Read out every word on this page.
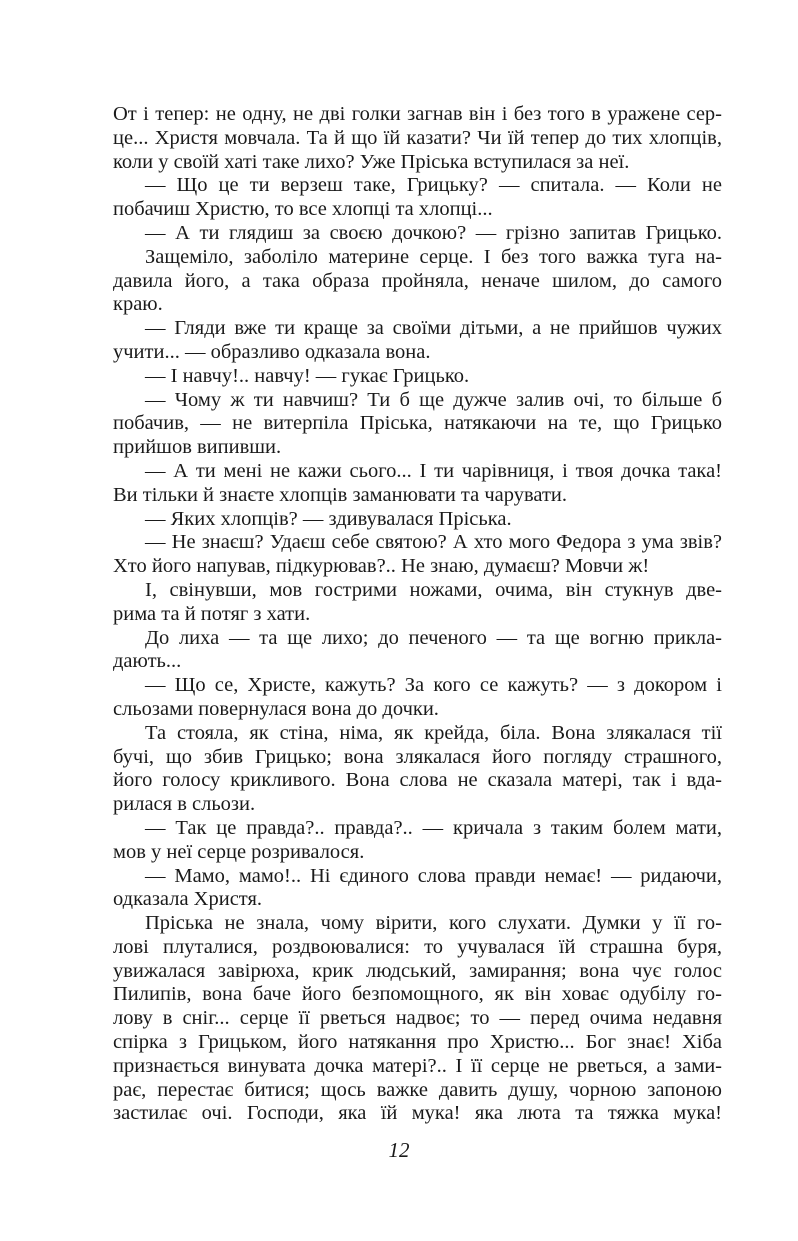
От і тепер: не одну, не дві голки загнав він і без того в уражене сер-
це... Христя мовчала. Та й що їй казати? Чи їй тепер до тих хлопців,
коли у своїй хаті таке лихо? Уже Пріська вступилася за неї.
— Що це ти верзеш таке, Грицьку? — спитала. — Коли не
побачиш Христю, то все хлопці та хлопці...
— А ти глядиш за своєю дочкою? — грізно запитав Грицько.
Защеміло, заболіло материне серце. І без того важка туга на-
давила його, а така образа пройняла, неначе шилом, до самого
краю.
— Гляди вже ти краще за своїми дітьми, а не прийшов чужих
учити... — образливо одказала вона.
— І навчу!.. навчу! — гукає Грицько.
— Чому ж ти навчиш? Ти б ще дужче залив очі, то більше б
побачив, — не витерпіла Пріська, натякаючи на те, що Грицько
прийшов випивши.
— А ти мені не кажи сього... І ти чарівниця, і твоя дочка така!
Ви тільки й знаєте хлопців заманювати та чарувати.
— Яких хлопців? — здивувалася Пріська.
— Не знаєш? Удаєш себе святою? А хто мого Федора з ума звів?
Хто його напував, підкурював?.. Не знаю, думаєш? Мовчи ж!
І, свінувши, мов гострими ножами, очима, він стукнув две-
рима та й потяг з хати.
До лиха — та ще лихо; до печеного — та ще вогню прикла-
дають...
— Що се, Христе, кажуть? За кого се кажуть? — з докором і
сльозами повернулася вона до дочки.
Та стояла, як стіна, німа, як крейда, біла. Вона злякалася тії
бучі, що збив Грицько; вона злякалася його погляду страшного,
його голосу крикливого. Вона слова не сказала матері, так і вда-
рилася в сльози.
— Так це правда?.. правда?.. — кричала з таким болем мати,
мов у неї серце розривалося.
— Мамо, мамо!.. Ні єдиного слова правди немає! — ридаючи,
одказала Христя.
Пріська не знала, чому вірити, кого слухати. Думки у її го-
лові плуталися, роздвоювалися: то учувалася їй страшна буря,
увижалася завірюха, крик людський, замирання; вона чує голос
Пилипів, вона баче його безпомощного, як він ховає одубілу го-
лову в сніг... серце її рветься надвоє; то — перед очима недавня
спірка з Грицьком, його натякання про Христю... Бог знає! Хіба
признається винувата дочка матері?.. І її серце не рветься, а зами-
рає, перестає битися; щось важке давить душу, чорною запоною
застилає очі. Господи, яка їй мука! яка люта та тяжка мука!
12
